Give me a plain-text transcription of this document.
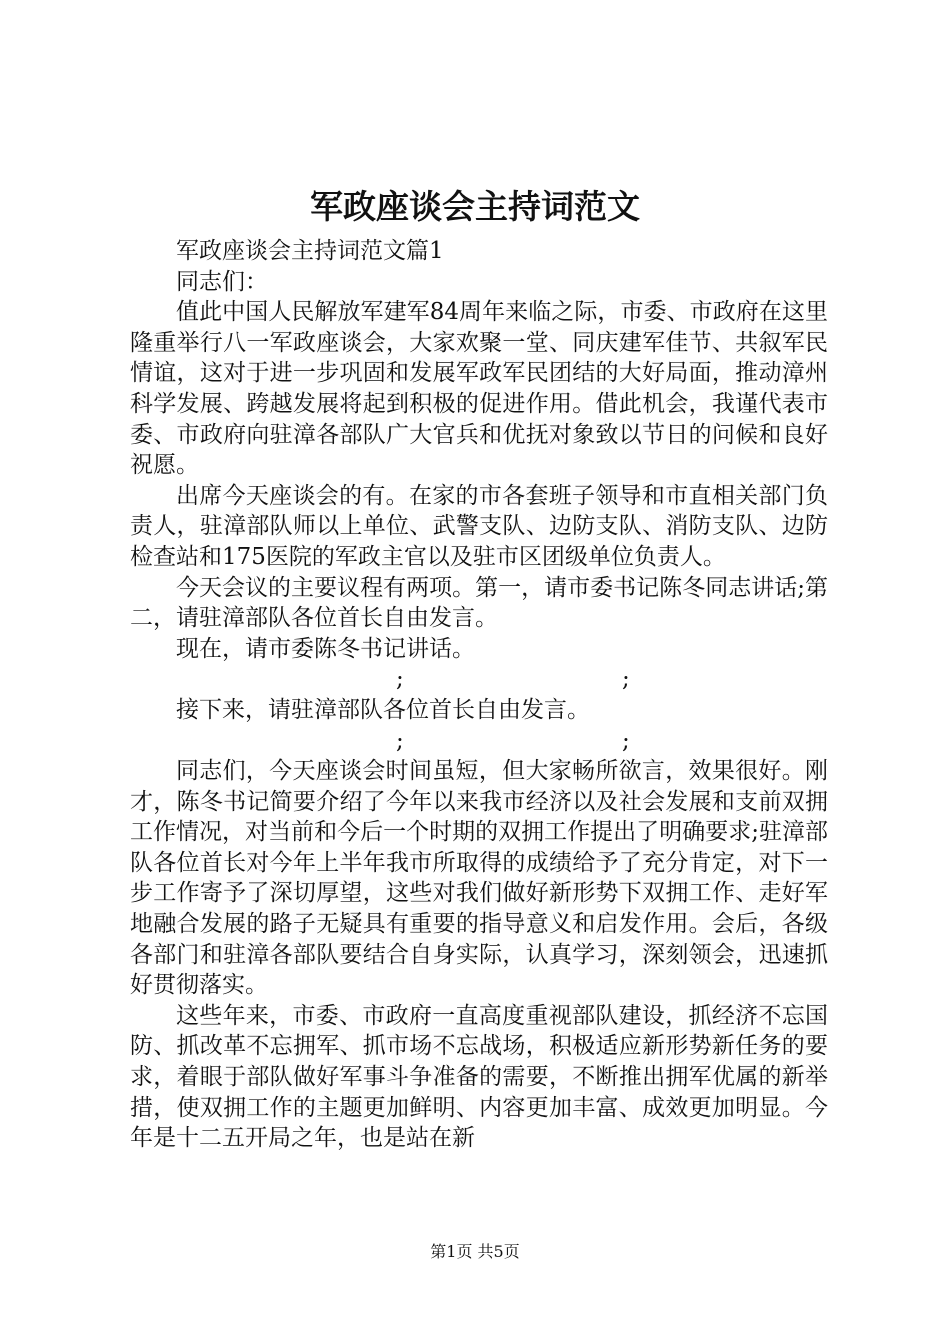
军政座谈会主持词范文

军政座谈会主持词范文篇1

同志们：

值此中国人民解放军建军84周年来临之际，市委、市政府在这里隆重举行八一军政座谈会，大家欢聚一堂、同庆建军佳节、共叙军民情谊，这对于进一步巩固和发展军政军民团结的大好局面，推动漳州科学发展、跨越发展将起到积极的促进作用。借此机会，我谨代表市委、市政府向驻漳各部队广大官兵和优抚对象致以节日的问候和良好祝愿。

出席今天座谈会的有。在家的市各套班子领导和市直相关部门负责人，驻漳部队师以上单位、武警支队、边防支队、消防支队、边防检查站和175医院的军政主官以及驻市区团级单位负责人。

今天会议的主要议程有两项。第一，请市委书记陈冬同志讲话;第二，请驻漳部队各位首长自由发言。

现在，请市委陈冬书记讲话。

;	;

接下来，请驻漳部队各位首长自由发言。

;	;

同志们，今天座谈会时间虽短，但大家畅所欲言，效果很好。刚才，陈冬书记简要介绍了今年以来我市经济以及社会发展和支前双拥工作情况，对当前和今后一个时期的双拥工作提出了明确要求;驻漳部队各位首长对今年上半年我市所取得的成绩给予了充分肯定，对下一步工作寄予了深切厚望，这些对我们做好新形势下双拥工作、走好军地融合发展的路子无疑具有重要的指导意义和启发作用。会后，各级各部门和驻漳各部队要结合自身实际，认真学习，深刻领会，迅速抓好贯彻落实。

这些年来，市委、市政府一直高度重视部队建设，抓经济不忘国防、抓改革不忘拥军、抓市场不忘战场，积极适应新形势新任务的要求，着眼于部队做好军事斗争准备的需要，不断推出拥军优属的新举措，使双拥工作的主题更加鲜明、内容更加丰富、成效更加明显。今年是十二五开局之年，也是站在新

第1页 共5页
